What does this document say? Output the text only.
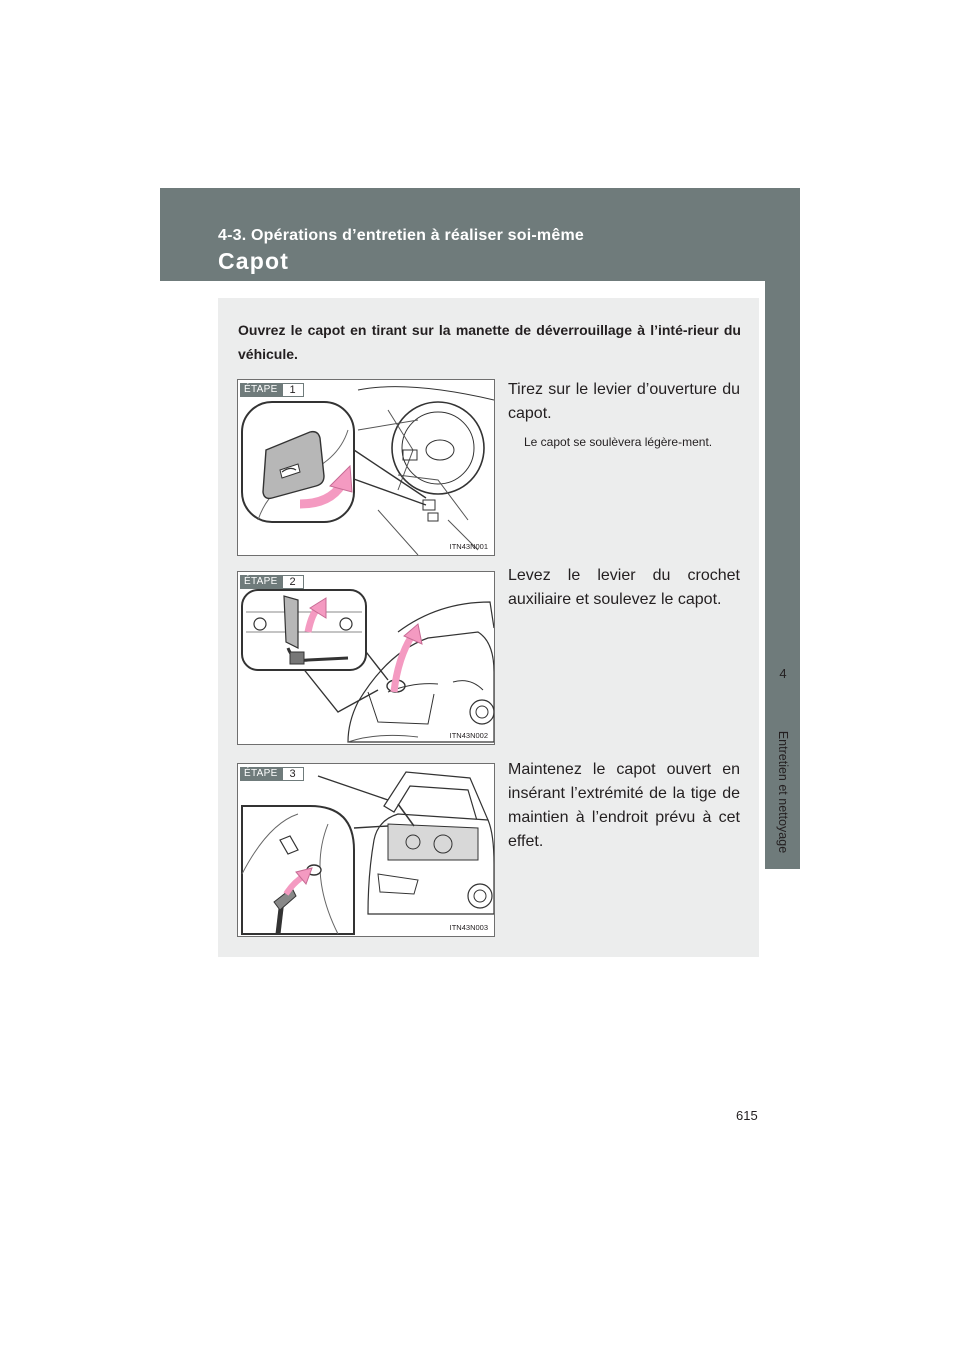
4-3. Opérations d’entretien à réaliser soi-même
Capot
4
Entretien et nettoyage
Ouvrez le capot en tirant sur la manette de déverrouillage à l’inté-rieur du véhicule.
ÉTAPE	1
ITN43N001
Tirez sur le levier d’ouverture du capot.
Le capot se soulèvera légère-ment.
ÉTAPE	2
ITN43N002
Levez le levier du crochet auxiliaire et soulevez le capot.
ÉTAPE	3
ITN43N003
Maintenez le capot ouvert en insérant l’extrémité de la tige de maintien à l’endroit prévu à cet effet.
615
